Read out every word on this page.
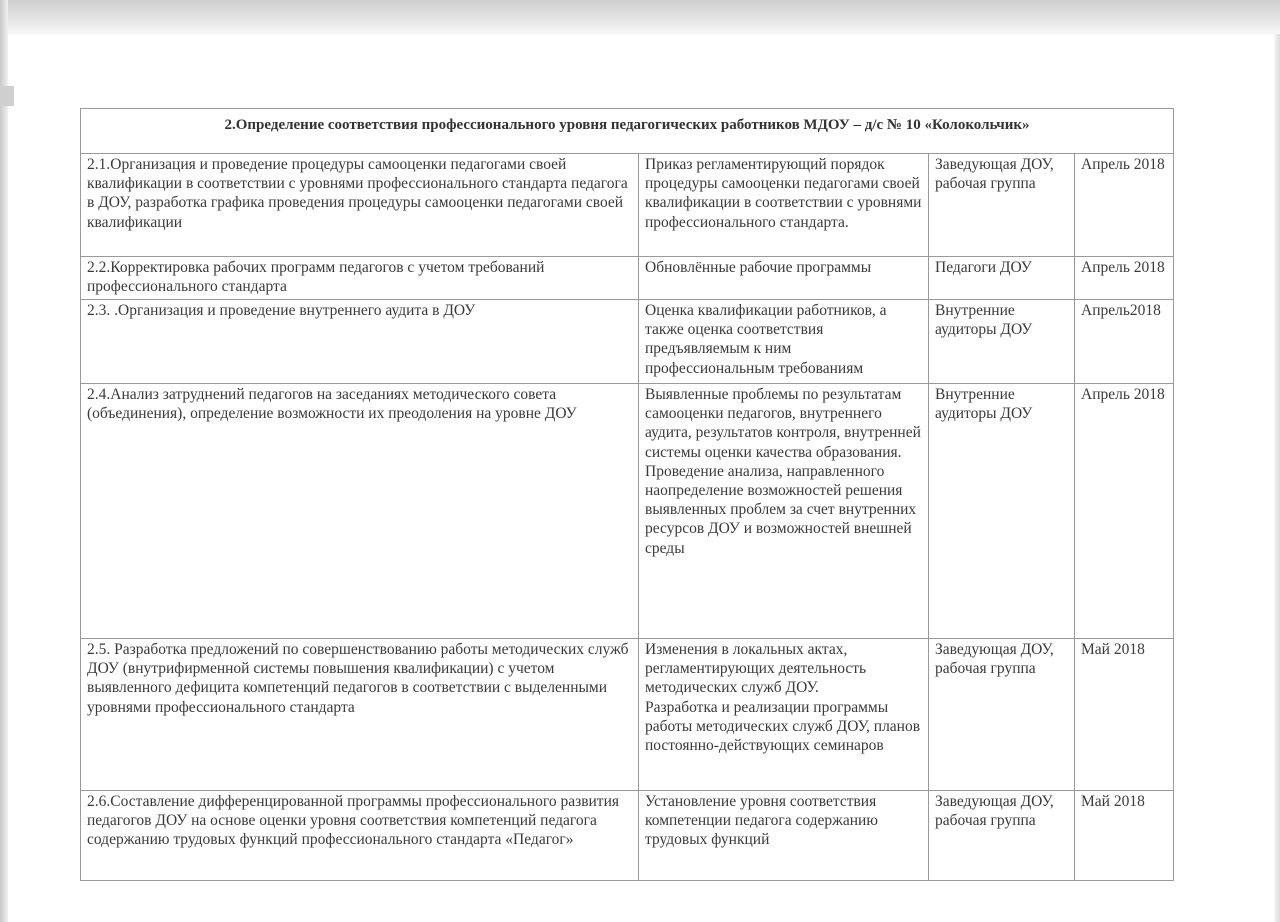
2.Определение соответствия профессионального уровня педагогических работников МДОУ – д/с № 10 «Колокольчик»			
2.1.Организация и проведение процедуры самооценки педагогами своей квалификации в соответствии с уровнями профессионального стандарта педагога в ДОУ, разработка графика проведения процедуры самооценки педагогами своей квалификации	Приказ регламентирующий порядок процедуры самооценки педагогами своей квалификации в соответствии с уровнями профессионального стандарта.	Заведующая ДОУ,
рабочая группа	Апрель 2018
2.2.Корректировка рабочих программ педагогов с учетом требований профессионального стандарта	Обновлённые рабочие программы	Педагоги ДОУ	Апрель 2018
2.3. .Организация и проведение внутреннего аудита в ДОУ	Оценка квалификации работников, а также оценка соответствия предъявляемым к ним профессиональным требованиям	Внутренние аудиторы ДОУ	Апрель2018
2.4.Анализ затруднений педагогов на заседаниях методического совета (объединения), определение возможности их преодоления на уровне ДОУ	Выявленные проблемы по результатам самооценки педагогов, внутреннего аудита, результатов контроля, внутренней системы оценки качества образования.
Проведение анализа, направленного наопределение возможностей решения выявленных проблем за счет внутренних ресурсов ДОУ и возможностей внешней среды	Внутренние аудиторы ДОУ	Апрель 2018
2.5. Разработка предложений по совершенствованию работы методических служб ДОУ (внутрифирменной системы повышения квалификации) с учетом выявленного дефицита компетенций педагогов в соответствии с выделенными уровнями профессионального стандарта	Изменения в локальных актах, регламентирующих деятельность методических служб ДОУ.
Разработка и реализации программы работы методических служб ДОУ, планов постоянно-действующих семинаров	Заведующая ДОУ,
рабочая группа	Май 2018
2.6.Составление дифференцированной программы профессионального развития педагогов ДОУ на основе оценки уровня соответствия компетенций педагога содержанию трудовых функций профессионального стандарта «Педагог»	Установление уровня соответствия компетенции педагога содержанию трудовых функций	Заведующая ДОУ,
рабочая группа	Май 2018
